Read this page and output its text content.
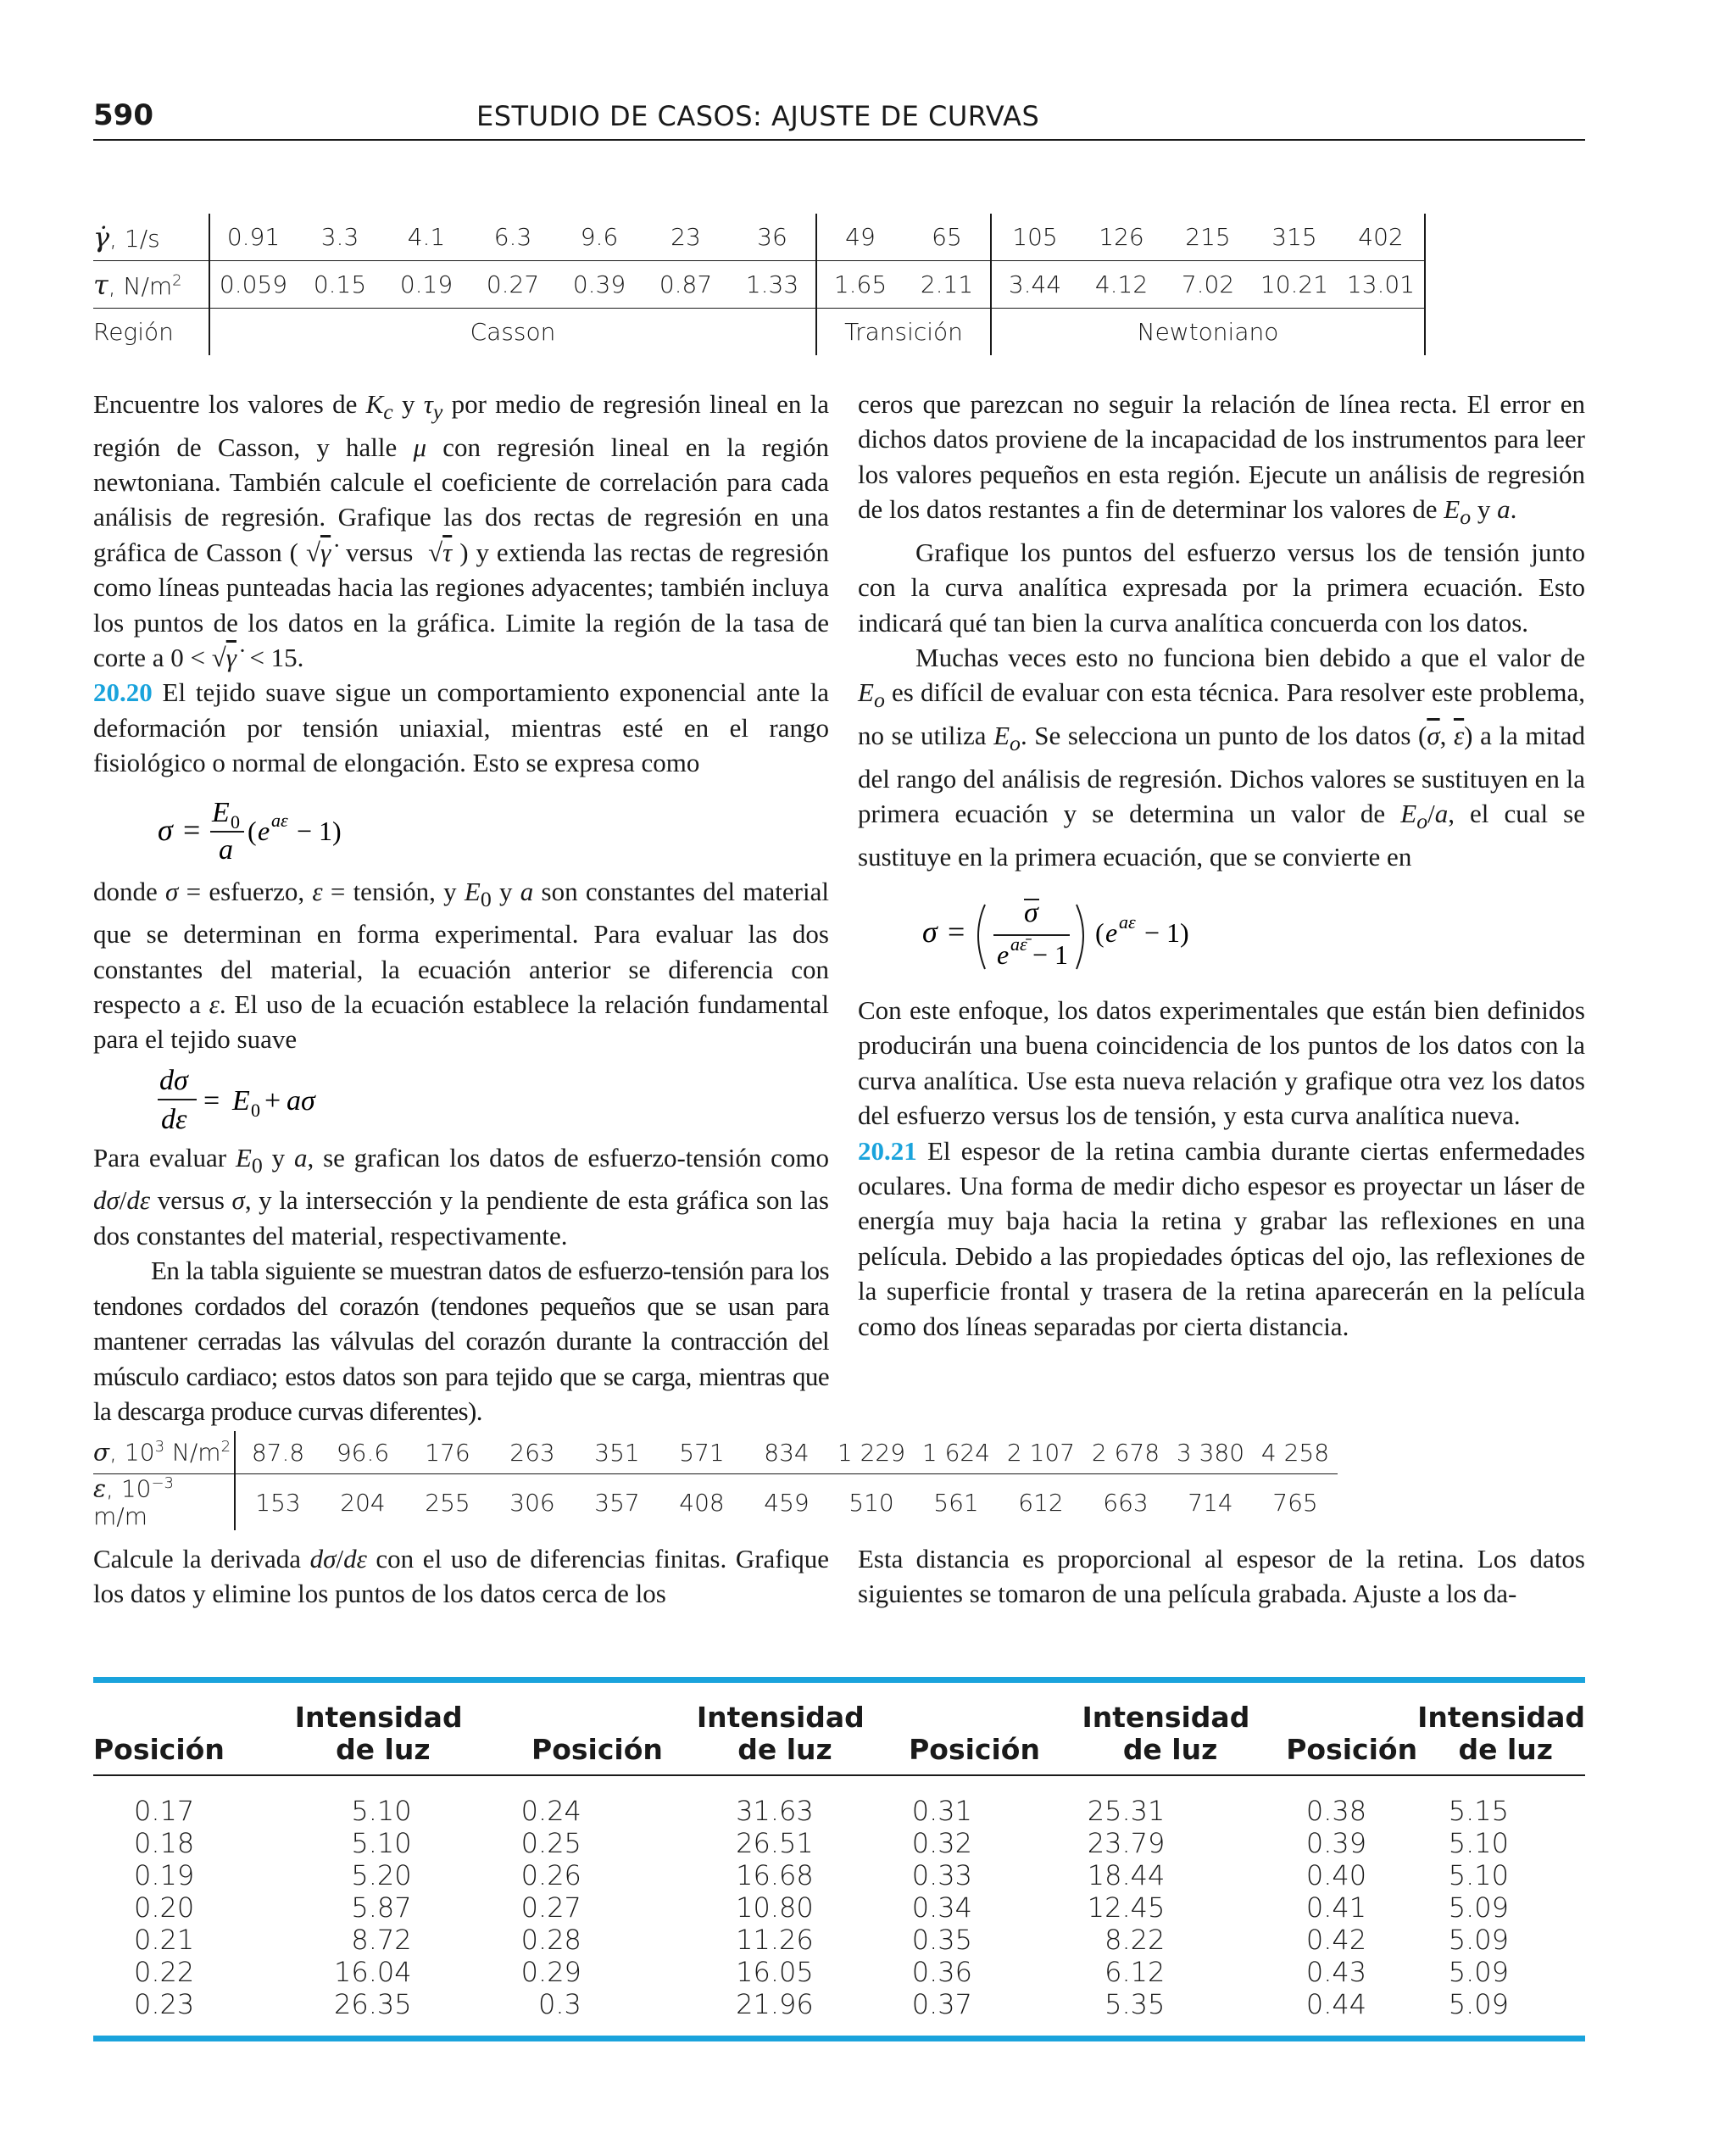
590	ESTUDIO DE CASOS: AJUSTE DE CURVAS
γ̇, 1/s	0.91	3.3	4.1	6.3	9.6	23	36	49	65	105	126	215	315	402
τ, $N/m^2$	0.059	0.15	0.19	0.27	0.39	0.87	1.33	1.65	2.11	3.44	4.12	7.02	10.21	13.01
Región	Casson							Transición		Newtoniano				

Encuentre los valores de $K_c$ y $\tau_y$ por medio de regresión lineal en la región de Casson, y halle μ con regresión lineal en la región newtoniana. También calcule el coeficiente de correlación para cada análisis de regresión. Grafique las dos rectas de regresión en una gráfica de Casson ( √γ̇  versus  √τ ) y extienda las rectas de regresión como líneas punteadas hacia las regiones adyacentes; también incluya los puntos de los datos en la gráfica. Limite la región de la tasa de corte a 0 < √γ̇  < 15.

20.20 El tejido suave sigue un comportamiento exponencial ante la deformación por tensión uniaxial, mientras esté en el rango fisiológico o normal de elongación. Esto se expresa como

σ =
E 0
a
( e aε − 1)

donde σ = esfuerzo, ε = tensión, y $E_0$ y a son constantes del material que se determinan en forma experimental. Para evaluar las dos constantes del material, la ecuación anterior se diferencia con respecto a ε. El uso de la ecuación establece la relación fundamental para el tejido suave

dσ
dε
= E 0 + aσ

Para evaluar $E_0$ y a, se grafican los datos de esfuerzo-tensión como dσ/dε versus σ, y la intersección y la pendiente de esta gráfica son las dos constantes del material, respectivamente.

En la tabla siguiente se muestran datos de esfuerzo-tensión para los tendones cordados del corazón (tendones pequeños que se usan para mantener cerradas las válvulas del corazón durante la contracción del músculo cardiaco; estos datos son para tejido que se carga, mientras que la descarga produce curvas diferentes).

ceros que parezcan no seguir la relación de línea recta. El error en dichos datos proviene de la incapacidad de los instrumentos para leer los valores pequeños en esta región. Ejecute un análisis de regresión de los datos restantes a fin de determinar los valores de $E_o$ y a.

Grafique los puntos del esfuerzo versus los de tensión junto con la curva analítica expresada por la primera ecuación. Esto indicará qué tan bien la curva analítica concuerda con los datos.

Muchas veces esto no funciona bien debido a que el valor de $E_o$ es difícil de evaluar con esta técnica. Para resolver este problema, no se utiliza $E_o$. Se selecciona un punto de los datos ($\overline{\sigma}$, $\overline{\varepsilon}$) a la mitad del rango del análisis de regresión. Dichos valores se sustituyen en la primera ecuación y se determina un valor de $E_o/a$, el cual se sustituye en la primera ecuación, que se convierte en

σ =
σ
e aε̄ − 1
( e aε − 1)

Con este enfoque, los datos experimentales que están bien definidos producirán una buena coincidencia de los puntos de los datos con la curva analítica. Use esta nueva relación y grafique otra vez los datos del esfuerzo versus los de tensión, y esta curva analítica nueva.

20.21 El espesor de la retina cambia durante ciertas enfermedades oculares. Una forma de medir dicho espesor es proyectar un láser de energía muy baja hacia la retina y grabar las reflexiones en una película. Debido a las propiedades ópticas del ojo, las reflexiones de la superficie frontal y trasera de la retina aparecerán en la película como dos líneas separadas por cierta distancia.

σ, $10^3$ $N/m^2$	87.8	96.6	176	263	351	571	834	1 229	1 624	2 107	2 678	3 380	4 258
ε, $10^{-3}$ m/m	153	204	255	306	357	408	459	510	561	612	663	714	765

Calcule la derivada dσ/dε con el uso de diferencias finitas. Grafique los datos y elimine los puntos de los datos cerca de los

Esta distancia es proporcional al espesor de la retina. Los datos siguientes se tomaron de una película grabada. Ajuste a los da-

Posición	Intensidad
de luz	Posición	Intensidad
de luz	Posición	Intensidad
de luz	Posición	Intensidad
de luz
0.17	5.10	0.24	31.63	0.31	25.31	0.38	5.15
0.18	5.10	0.25	26.51	0.32	23.79	0.39	5.10
0.19	5.20	0.26	16.68	0.33	18.44	0.40	5.10
0.20	5.87	0.27	10.80	0.34	12.45	0.41	5.09
0.21	8.72	0.28	11.26	0.35	8.22	0.42	5.09
0.22	16.04	0.29	16.05	0.36	6.12	0.43	5.09
0.23	26.35	0.3	21.96	0.37	5.35	0.44	5.09
